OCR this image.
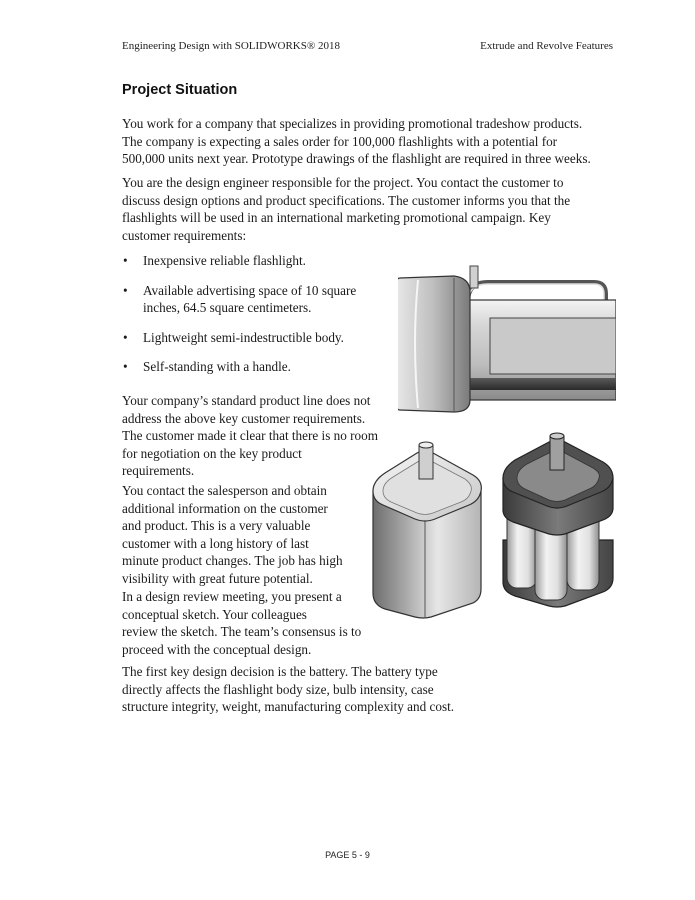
Engineering Design with SOLIDWORKS® 2018	Extrude and Revolve Features
Project Situation
You work for a company that specializes in providing promotional tradeshow products.
The company is expecting a sales order for 100,000 flashlights with a potential for
500,000 units next year. Prototype drawings of the flashlight are required in three weeks.
You are the design engineer responsible for the project. You contact the customer to
discuss design options and product specifications. The customer informs you that the
flashlights will be used in an international marketing promotional campaign. Key
customer requirements:
• Inexpensive reliable flashlight.
• Available advertising space of 10 square
inches, 64.5 square centimeters.
• Lightweight semi-indestructible body.
• Self-standing with a handle.
Your company’s standard product line does not
address the above key customer requirements.
The customer made it clear that there is no room
for negotiation on the key product
requirements.
You contact the salesperson and obtain
additional information on the customer
and product. This is a very valuable
customer with a long history of last
minute product changes. The job has high
visibility with great future potential.
In a design review meeting, you present a
conceptual sketch. Your colleagues
review the sketch. The team’s consensus is to
proceed with the conceptual design.
The first key design decision is the battery. The battery type
directly affects the flashlight body size, bulb intensity, case
structure integrity, weight, manufacturing complexity and cost.
PAGE 5 - 9
